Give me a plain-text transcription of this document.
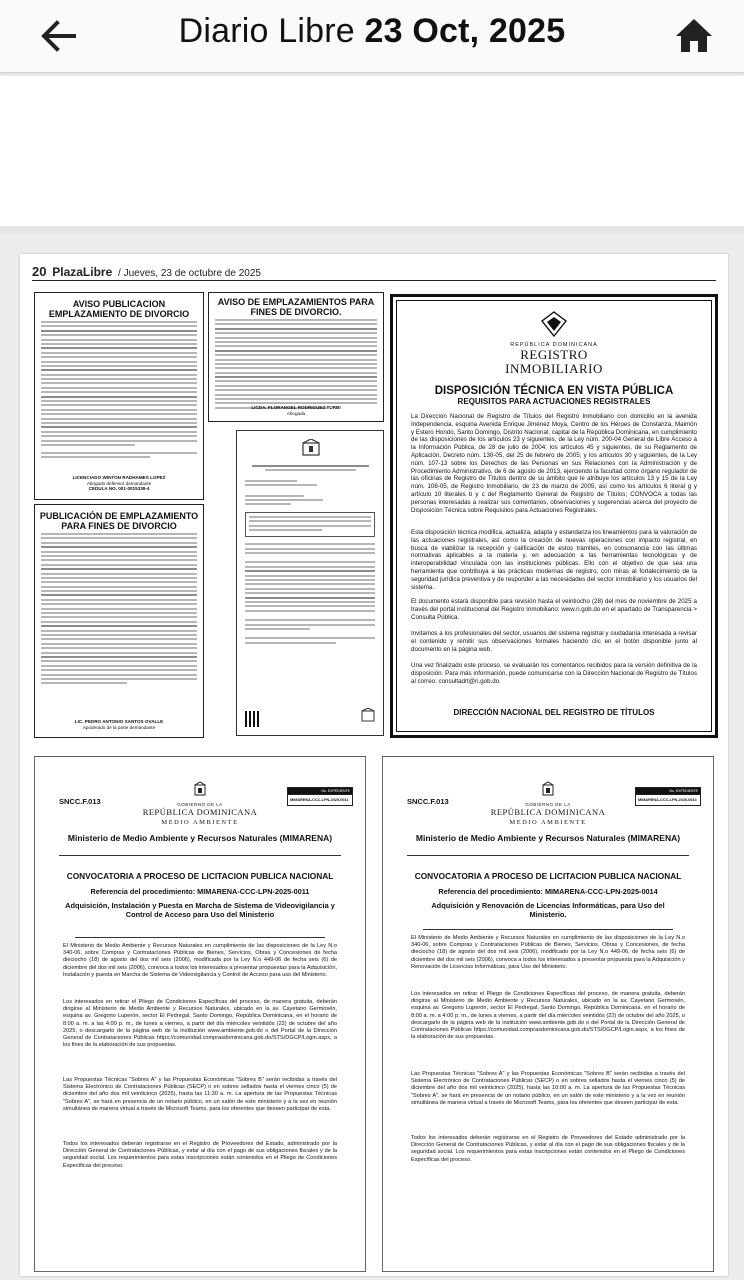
Diario Libre 23 Oct, 2025
20 PlazaLibre / Jueves, 23 de octubre de 2025
AVISO PUBLICACION EMPLAZAMIENTO DE DIVORCIO
LICENCIADO WINTON RADHAMES LOPEZ
Abogado defensor demandante
CEDULA NO. 001-0015339-4
PUBLICACIÓN DE EMPLAZAMIENTO PARA FINES DE DIVORCIO
LIC. PEDRO ANTONIO SANTOS OVALLE
Apoderado de la parte demandante
AVISO DE EMPLAZAMIENTOS PARA FINES DE DIVORCIO.
LICDA. FLORANGEL RODRIGUEZ TURBI
Abogada
REPÚBLICA DOMINICANA
REGISTRO
INMOBILIARIO
DISPOSICIÓN TÉCNICA EN VISTA PÚBLICA
REQUISITOS PARA ACTUACIONES REGISTRALES
La Dirección Nacional de Registro de Títulos del Registro Inmobiliario con domicilio en la avenida Independencia, esquina Avenida Enrique Jiménez Moya, Centro de los Héroes de Constanza, Maimón y Estero Hondo, Santo Domingo, Distrito Nacional, capital de la República Dominicana, en cumplimiento de las disposiciones de los artículos 23 y siguientes, de la Ley núm. 200-04 General de Libre Acceso a la Información Pública, de 28 de julio de 2004; los artículos 45 y siguientes, de su Reglamento de Aplicación, Decreto núm. 130-05, del 25 de febrero de 2005; y los artículos 30 y siguientes, de la Ley núm. 107-13 sobre los Derechos de las Personas en sus Relaciones con la Administración y de Procedimiento Administrativo, de 6 de agosto de 2013, ejerciendo la facultad como órgano regulador de las oficinas de Registro de Títulos dentro de su ámbito que le atribuye los artículos 13 y 15 de la Ley núm. 108-05, de Registro Inmobiliario, de 23 de marzo de 2005, así como los artículos 6 literal g y artículo 10 literales b y c del Reglamento General de Registro de Títulos; CONVOCA a todas las personas interesadas a realizar sus comentarios, observaciones y sugerencias acerca del proyecto de Disposición Técnica sobre Requisitos para Actuaciones Registrales.
Esta disposición técnica modifica, actualiza, adapta y estandariza los lineamientos para la valoración de las actuaciones registrales, así como la creación de nuevas operaciones con impacto registral, en busca de viabilizar la recepción y calificación de estos trámites, en consonancia con las últimas normativas aplicables a la materia y, en adecuación a las herramientas tecnológicas y de interoperabilidad vinculada con las instituciones públicas. Ello con el objetivo de que sea una herramienta que contribuya a las prácticas modernas de registro, con miras al fortalecimiento de la seguridad jurídica preventiva y de responder a las necesidades del sector inmobiliario y los usuarios del sistema.
El documento estará disponible para revisión hasta el veintiocho (28) del mes de noviembre de 2025 a través del portal institucional del Registro Inmobiliario: www.ri.gob.do en el apartado de Transparencia > Consulta Pública.
Invitamos a los profesionales del sector, usuarios del sistema registral y ciudadanía interesada a revisar el contenido y remitir sus observaciones formales haciendo clic en el botón disponible junto al documento en la página web.
Una vez finalizado este proceso, se evaluarán los comentarios recibidos para la versión definitiva de la disposición. Para más información, puede comunicarse con la Dirección Nacional de Registro de Títulos al correo: consultadrt@ri.gob.do.
DIRECCIÓN NACIONAL DEL REGISTRO DE TÍTULOS
GOBIERNO DE LA
REPÚBLICA DOMINICANA
MEDIO AMBIENTE
SNCC.F.013
No. EXPEDIENTE
MIMARENA-CCC-LPN-2025-0011
Ministerio de Medio Ambiente y Recursos Naturales (MIMARENA)
CONVOCATORIA A PROCESO DE LICITACION PUBLICA NACIONAL
Referencia del procedimiento: MIMARENA-CCC-LPN-2025-0011
Adquisición, Instalación y Puesta en Marcha de Sistema de Videovigilancia y Control de Acceso para Uso del Ministerio
El Ministerio de Medio Ambiente y Recursos Naturales en cumplimiento de las disposiciones de la Ley N.o 340-06, sobre Compras y Contrataciones Públicas de Bienes, Servicios, Obras y Concesiones de fecha dieciocho (18) de agosto del dos mil seis (2006), modificada por la Ley N.o 449-06 de fecha seis (6) de diciembre del dos mil seis (2006), convoca a todos los interesados a presentar propuestas para la Adquisición, Instalación y puesta en Marcha de Sistema de Videovigilancia y Control de Acceso para uso del Ministerio.
Los interesados en retirar el Pliego de Condiciones Específicas del proceso, de manera gratuita, deberán dirigirse al Ministerio de Medio Ambiente y Recursos Naturales, ubicado en la av. Cayetano Germosén, esquina av. Gregorio Luperón, sector El Pedregal, Santo Domingo, República Dominicana, en el horario de 8:00 a. m. a las 4:00 p. m., de lunes a viernes, a partir del día miércoles veintidós (22) de octubre del año 2025, o descargarlo de la página web de la institución www.ambiente.gob.do o del Portal de la Dirección General de Contrataciones Públicas https://comunidad.comprasdominicana.gob.do/STS/DGCP/Login.aspx, a los fines de la elaboración de sus propuestas.
Las Propuestas Técnicas "Sobres A" y las Propuestas Económicas "Sobres B" serán recibidas a través del Sistema Electrónico de Contrataciones Públicas (SECP) o en sobres sellados hasta el viernes cinco (5) de diciembre del año dos mil veinticinco (2025), hasta las 11:30 a. m. La apertura de las Propuestas Técnicas "Sobres A", se hará en presencia de un notario público, en un salón de este ministerio y a la vez en reunión simultánea de manera virtual a través de Microsoft Teams, para los oferentes que deseen participar de esta.
Todos los interesados deberán registrarse en el Registro de Proveedores del Estado, administrado por la Dirección General de Contrataciones Públicas, y estar al día con el pago de sus obligaciones fiscales y de la seguridad social. Los requerimientos para estas inscripciones están contenidos en el Pliego de Condiciones Específicas del proceso.
GOBIERNO DE LA
REPÚBLICA DOMINICANA
MEDIO AMBIENTE
SNCC.F.013
No. EXPEDIENTE
MIMARENA-CCC-LPN-2025-0014
Ministerio de Medio Ambiente y Recursos Naturales (MIMARENA)
CONVOCATORIA A PROCESO DE LICITACION PUBLICA NACIONAL
Referencia del procedimiento: MIMARENA-CCC-LPN-2025-0014
Adquisición y Renovación de Licencias Informáticas, para Uso del Ministerio.
El Ministerio de Medio Ambiente y Recursos Naturales en cumplimiento de las disposiciones de la Ley N.o 340-06, sobre Compras y Contrataciones Públicas de Bienes, Servicios, Obras y Concesiones, de fecha dieciocho (18) de agosto del dos mil seis (2006), modificado por la Ley N.o 449-06, de fecha seis (6) de diciembre del dos mil seis (2006), convoca a todos los interesados a presentar propuesta para la Adquisición y Renovación de Licencias Informáticas, para Uso del Ministerio.
Los interesados en retirar el Pliego de Condiciones Específicas del proceso, de manera gratuita, deberán dirigirse al Ministerio de Medio Ambiente y Recursos Naturales, ubicado en la av. Cayetano Germosén, esquina av. Gregorio Luperón, sector El Pedregal, Santo Domingo, República Dominicana, en el horario de 8:00 a. m. a 4:00 p. m., de lunes a viernes, a partir del día miércoles veintidós (22) de octubre del año 2025, o descargarlo de la página web de la institución www.ambiente.gob.do o del Portal de la Dirección General de Contrataciones Públicas https://comunidad.comprasdominicana.gob.do/STS/DGCP/Login.aspx, a los fines de la elaboración de sus propuestas.
Las Propuestas Técnicas "Sobres A" y las Propuestas Económicas "Sobres B" serán recibidas a través del Sistema Electrónico de Contrataciones Públicas (SECP) o en sobres sellados hasta el viernes cinco (5) de diciembre del año dos mil veinticinco (2025), hasta las 10:00 a. m. La apertura de las Propuestas Técnicas "Sobres A", se hará en presencia de un notario público, en un salón de este ministerio y a la vez en reunión simultánea de manera virtual a través de Microsoft Teams, para los oferentes que deseen participar de esta.
Todos los interesados deberán registrarse en el Registro de Proveedores del Estado administrado por la Dirección General de Contrataciones Públicas, y estar al día con el pago de sus obligaciones fiscales y de la seguridad social. Los requerimientos para estas inscripciones están contenidos en el Pliego de Condiciones Específicas del proceso.
